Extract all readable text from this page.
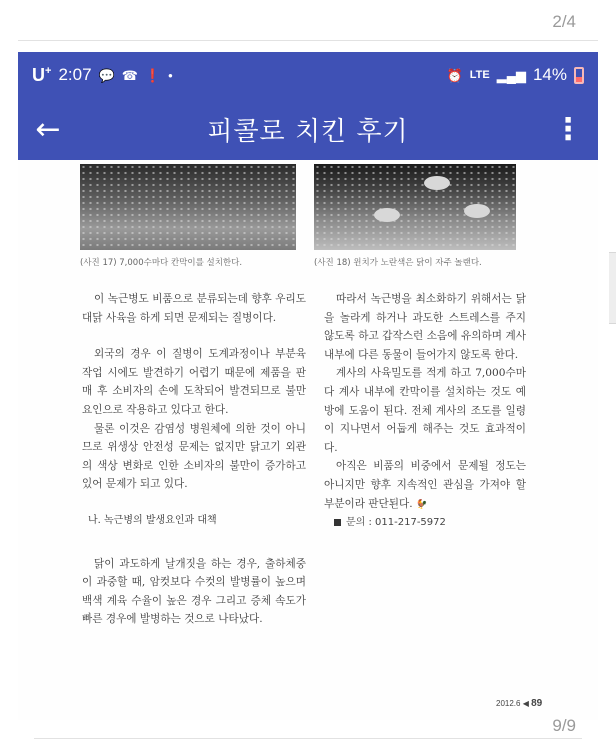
2/4
U+ 2:07 💬 ☎ ❗ •	⏰ LTE ▂▄▆ 14%
←	피콜로 치킨 후기	⋮
(사진 17) 7,000수마다 칸막이를 설치한다.	(사진 18) 윈치가 노란색은 닭이 자주 놀랜다.

이 녹근병도 비품으로 분류되는데 향후 우리도 대닭 사육을 하게 되면 문제되는 질병이다.

외국의 경우 이 질병이 도계과정이나 부분육 작업 시에도 발견하기 어렵기 때문에 제품을 판매 후 소비자의 손에 도착되어 발견되므로 불만요인으로 작용하고 있다고 한다.

물론 이것은 감염성 병원체에 의한 것이 아니므로 위생상 안전성 문제는 없지만 닭고기 외관의 색상 변화로 인한 소비자의 불만이 증가하고 있어 문제가 되고 있다.

나. 녹근병의 발생요인과 대책

닭이 과도하게 날개짓을 하는 경우, 출하체중이 과중할 때, 암컷보다 수컷의 발병률이 높으며 백색 계육 수율이 높은 경우 그리고 증체 속도가 빠른 경우에 발병하는 것으로 나타났다.

따라서 녹근병을 최소화하기 위해서는 닭을 놀라게 하거나 과도한 스트레스를 주지 않도록 하고 갑작스런 소음에 유의하며 계사내부에 다른 동물이 들어가지 않도록 한다.

계사의 사육밀도를 적게 하고 7,000수마다 계사 내부에 칸막이를 설치하는 것도 예방에 도움이 된다. 전체 계사의 조도를 일령이 지나면서 어둡게 해주는 것도 효과적이다.

아직은 비품의 비중에서 문제될 정도는 아니지만 향후 지속적인 관심을 가져야 할 부분이라 판단된다. 🐓

문의 : 011-217-5972
2012.6 ◀ 89
9/9
